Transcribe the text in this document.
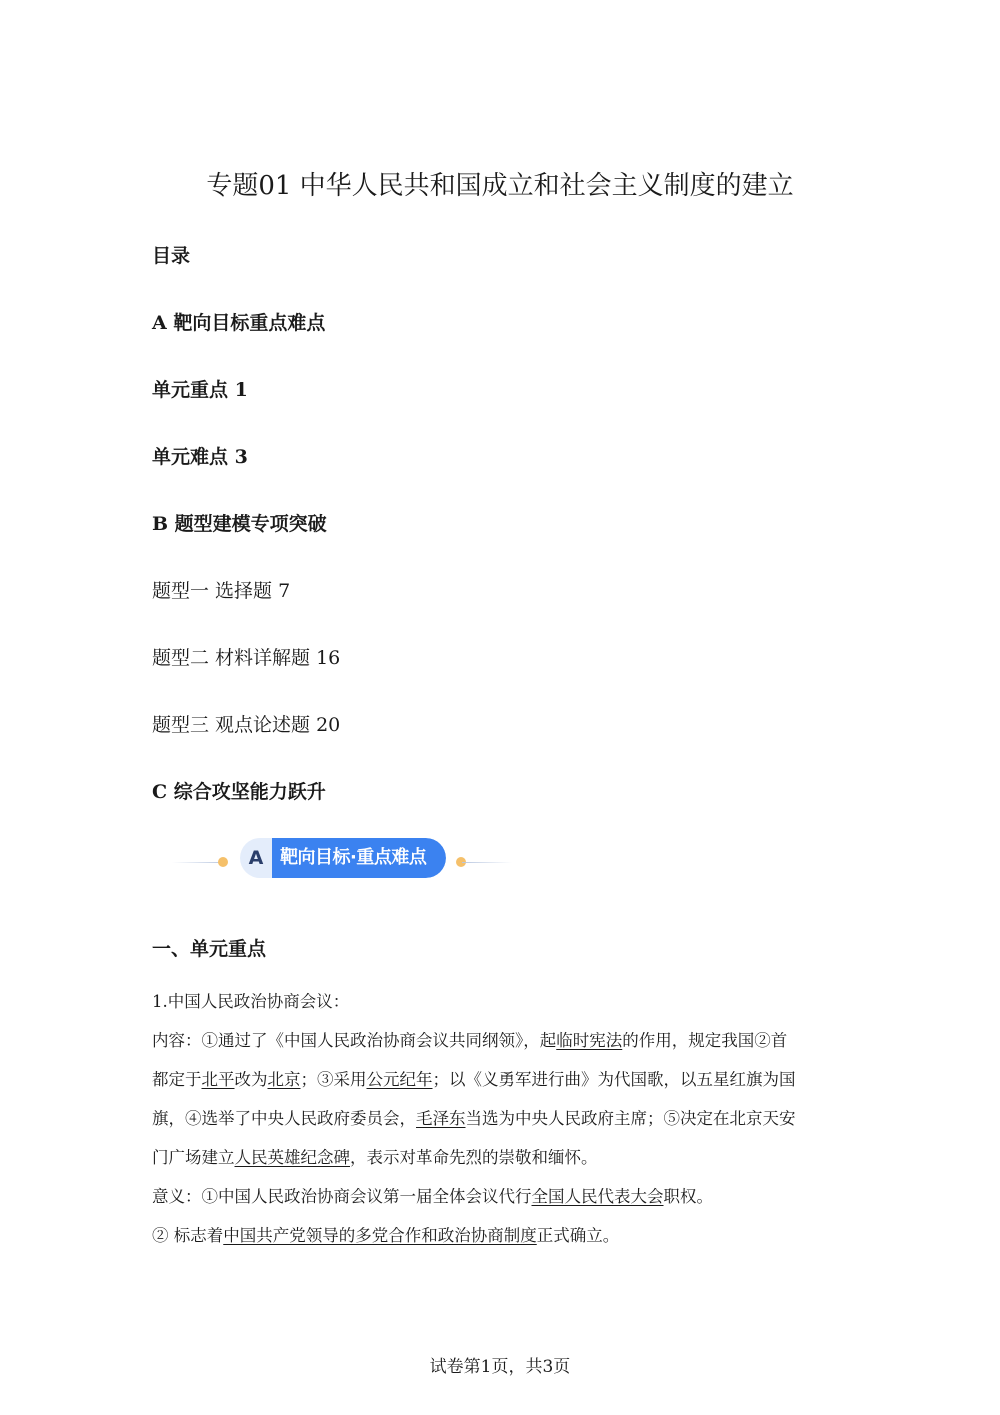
专题01 中华人民共和国成立和社会主义制度的建立
目录
A 靶向目标重点难点
单元重点 1
单元难点 3
B 题型建模专项突破
题型一 选择题 7
题型二 材料详解题 16
题型三 观点论述题 20
C 综合攻坚能力跃升
A 靶向目标·重点难点
一、单元重点
1.中国人民政治协商会议：
内容：①通过了《中国人民政治协商会议共同纲领》，起临时宪法的作用，规定我国②首
都定于北平改为北京；③采用公元纪年；以《义勇军进行曲》为代国歌，以五星红旗为国
旗，④选举了中央人民政府委员会，毛泽东当选为中央人民政府主席；⑤决定在北京天安
门广场建立人民英雄纪念碑，表示对革命先烈的崇敬和缅怀。
意义：①中国人民政治协商会议第一届全体会议代行全国人民代表大会职权。
② 标志着中国共产党领导的多党合作和政治协商制度正式确立。
试卷第1页，共3页
